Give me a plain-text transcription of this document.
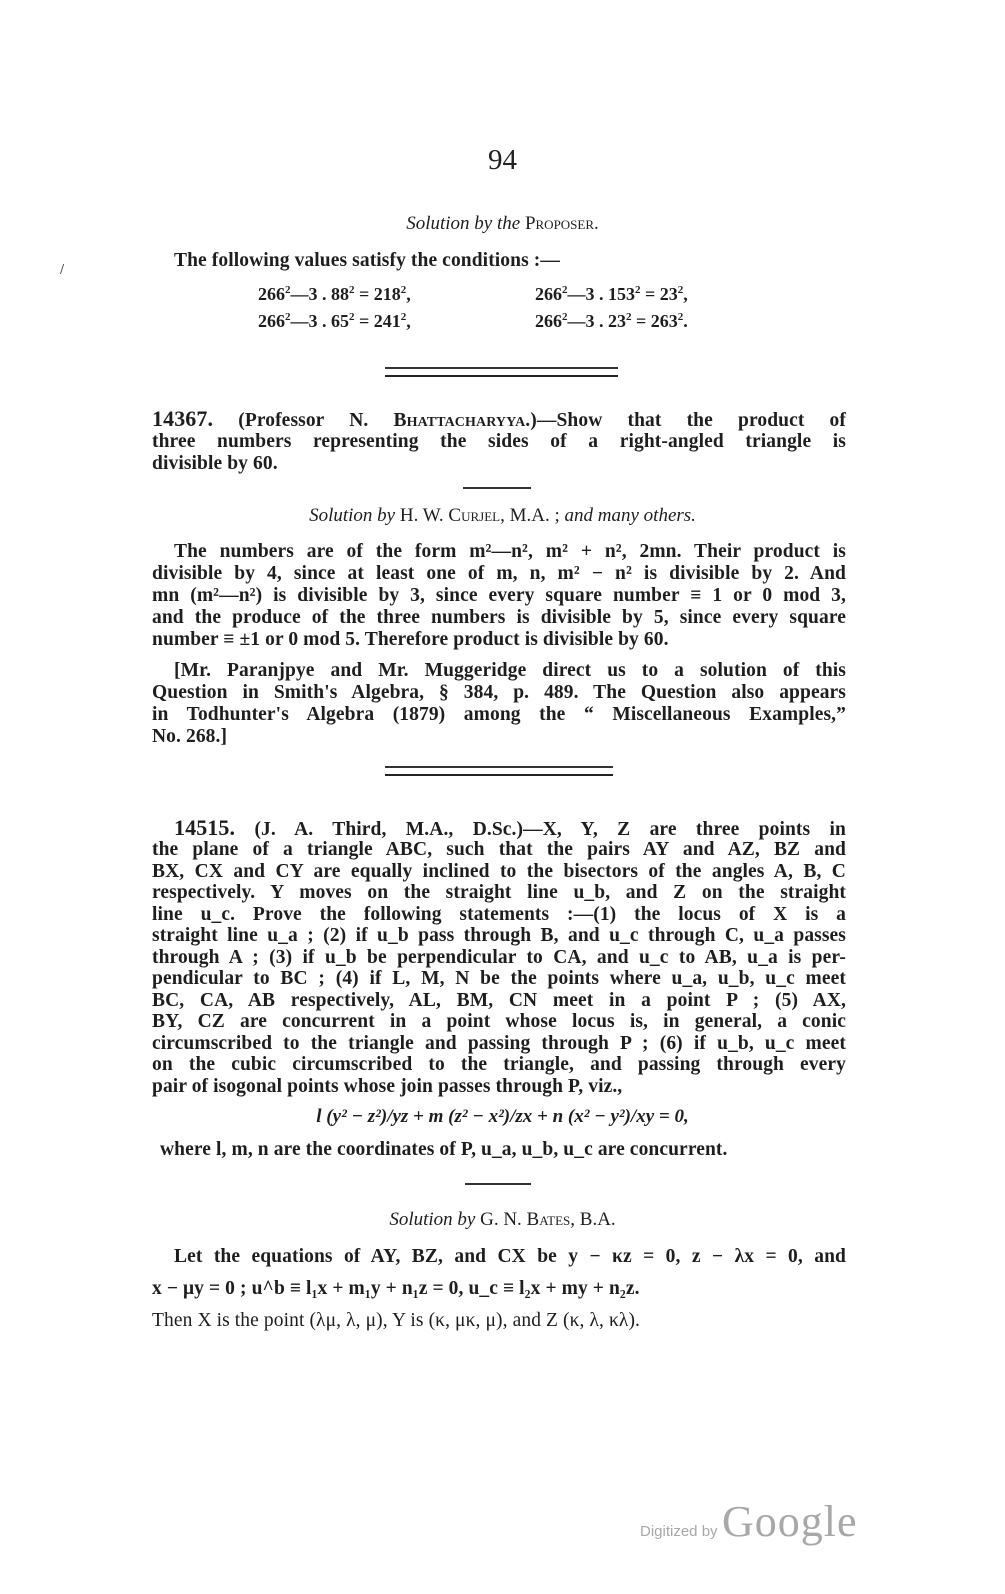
94
/
Solution by the Proposer.
The following values satisfy the conditions :—
$266^2—3$ . $88^2 = 218^2$,	$266^2—3$ . $153^2 = 23^2$,
$266^2—3$ . $65^2 = 241^2$,	$266^2—3$ . $23^2 = 263^2$.
14367. (Professor N. Bhattacharyya.)—Show that the product of
three numbers representing the sides of a right-angled triangle is
divisible by 60.
Solution by H. W. Curjel, M.A. ; and many others.
The numbers are of the form m²—n², m² + n², 2mn. Their product is
divisible by 4, since at least one of m, n, m² − n² is divisible by 2. And
mn (m²—n²) is divisible by 3, since every square number ≡ 1 or 0 mod 3,
and the produce of the three numbers is divisible by 5, since every square
number ≡ ±1 or 0 mod 5. Therefore product is divisible by 60.
[Mr. Paranjpye and Mr. Muggeridge direct us to a solution of this
Question in Smith's Algebra, § 384, p. 489. The Question also appears
in Todhunter's Algebra (1879) among the “ Miscellaneous Examples,”
No. 268.]
14515. (J. A. Third, M.A., D.Sc.)—X, Y, Z are three points in
the plane of a triangle ABC, such that the pairs AY and AZ, BZ and
BX, CX and CY are equally inclined to the bisectors of the angles A, B, C
respectively. Y moves on the straight line u_b, and Z on the straight
line u_c. Prove the following statements :—(1) the locus of X is a
straight line u_a ; (2) if u_b pass through B, and u_c through C, u_a passes
through A ; (3) if u_b be perpendicular to CA, and u_c to AB, u_a is per-
pendicular to BC ; (4) if L, M, N be the points where u_a, u_b, u_c meet
BC, CA, AB respectively, AL, BM, CN meet in a point P ; (5) AX,
BY, CZ are concurrent in a point whose locus is, in general, a conic
circumscribed to the triangle and passing through P ; (6) if u_b, u_c meet
on the cubic circumscribed to the triangle, and passing through every
pair of isogonal points whose join passes through P, viz.,
l (y² − z²)/yz + m (z² − x²)/zx + n (x² − y²)/xy = 0,
where l, m, n are the coordinates of P, u_a, u_b, u_c are concurrent.
Solution by G. N. Bates, B.A.
Let the equations of AY, BZ, and CX be y − κz = 0, z − λx = 0, and
x − μy = 0 ; u^b ≡ l₁x + m₁y + n₁z = 0, u_c ≡ l₂x + my + n₂z.
Then X is the point (λμ, λ, μ), Y is (κ, μκ, μ), and Z (κ, λ, κλ).
Digitized by Google
